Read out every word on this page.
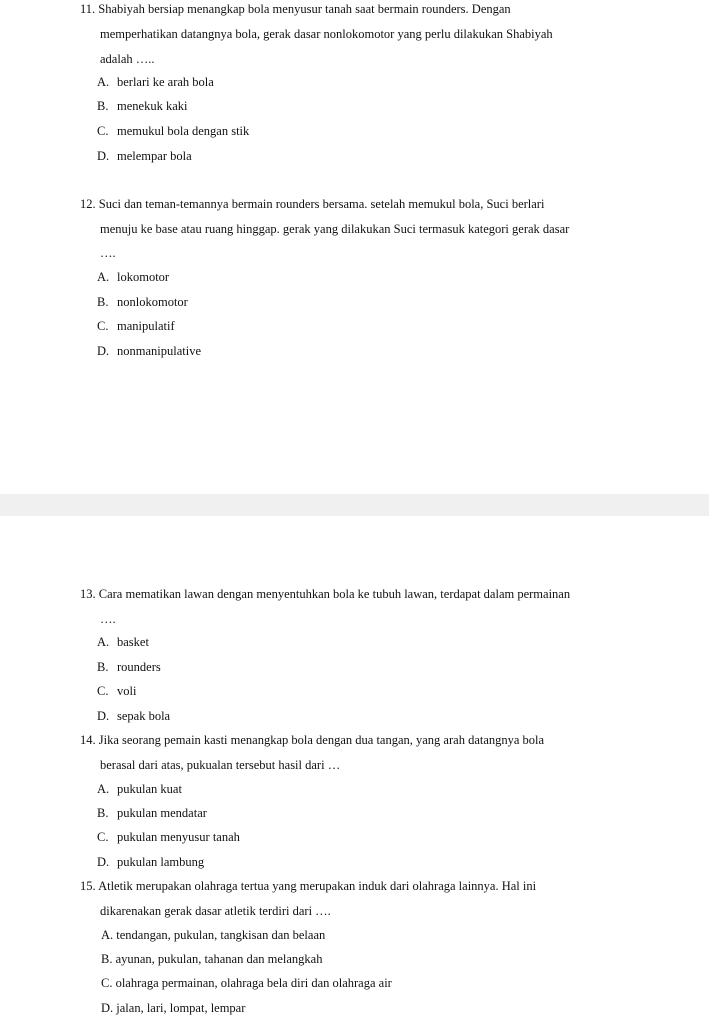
11. Shabiyah bersiap menangkap bola menyusur tanah saat bermain rounders. Dengan
memperhatikan datangnya bola, gerak dasar nonlokomotor yang perlu dilakukan Shabiyah
adalah …..
A. berlari ke arah bola
B. menekuk kaki
C. memukul bola dengan stik
D. melempar bola
12. Suci dan teman-temannya bermain rounders bersama. setelah memukul bola, Suci berlari
menuju ke base atau ruang hinggap. gerak yang dilakukan Suci termasuk kategori gerak dasar
….
A. lokomotor
B. nonlokomotor
C. manipulatif
D. nonmanipulative
13. Cara mematikan lawan dengan menyentuhkan bola ke tubuh lawan, terdapat dalam permainan
….
A. basket
B. rounders
C. voli
D. sepak bola
14. Jika seorang pemain kasti menangkap bola dengan dua tangan, yang arah datangnya bola
berasal dari atas, pukualan tersebut hasil dari …
A. pukulan kuat
B. pukulan mendatar
C. pukulan menyusur tanah
D. pukulan lambung
15. Atletik merupakan olahraga tertua yang merupakan induk dari olahraga lainnya. Hal ini
dikarenakan gerak dasar atletik terdiri dari ….
A. tendangan, pukulan, tangkisan dan belaan
B. ayunan, pukulan, tahanan dan melangkah
C. olahraga permainan, olahraga bela diri dan olahraga air
D. jalan, lari, lompat, lempar
